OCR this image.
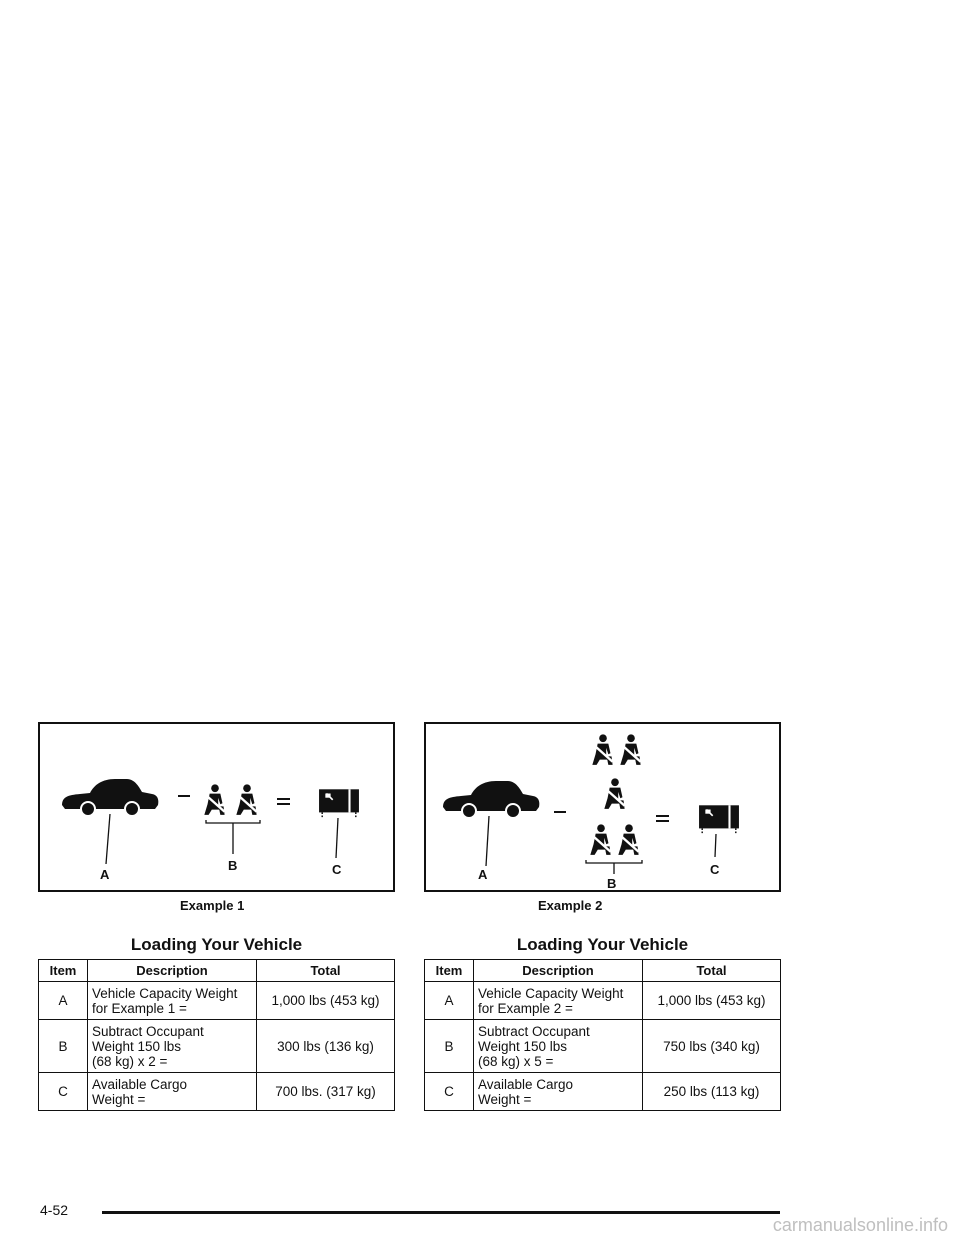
A
B	C
Example 1
Loading Your Vehicle
Item	Description	Total
A	Vehicle Capacity Weight
for Example 1 =	1,000 lbs (453 kg)
B	Subtract Occupant
Weight 150 lbs
(68 kg) x 2 =	300 lbs (136 kg)
C	Available Cargo
Weight =	700 lbs. (317 kg)
A	C
B
Example 2
Loading Your Vehicle
Item	Description	Total
A	Vehicle Capacity Weight
for Example 2 =	1,000 lbs (453 kg)
B	Subtract Occupant
Weight 150 lbs
(68 kg) x 5 =	750 lbs (340 kg)
C	Available Cargo
Weight =	250 lbs (113 kg)
4-52
carmanualsonline.info
